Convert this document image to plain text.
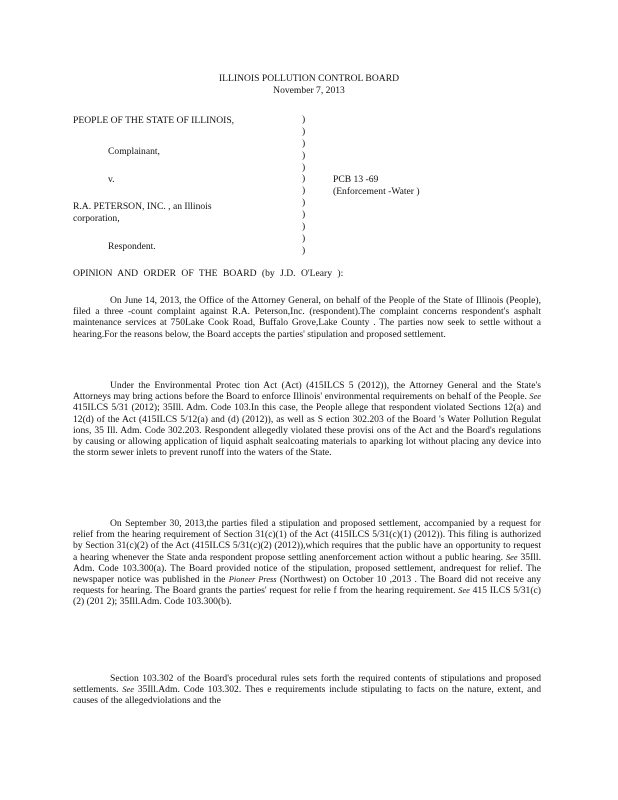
ILLINOIS POLLUTION CONTROL BOARD
November 7, 2013
PEOPLE OF THE STATE OF ILLINOIS,
Complainant,
v.
R.A. PETERSON, INC. , an Illinois
corporation,
Respondent.
)
)
)
)
)
)
)
)
)
)
)
)
PCB 13 -69
(Enforcement -Water )
OPINION AND ORDER OF THE BOARD (by J.D. O'Leary ):
On June 14, 2013, the Office of the Attorney General, on behalf of the People of the State of Illinois (People), filed a three -count complaint against R.A. Peterson,Inc. (respondent).The complaint concerns respondent's asphalt maintenance services at 750Lake Cook Road, Buffalo Grove,Lake County . The parties now seek to settle without a hearing.For the reasons below, the Board accepts the parties' stipulation and proposed settlement.
Under the Environmental Protec tion Act (Act) (415ILCS 5 (2012)), the Attorney General and the State's Attorneys may bring actions before the Board to enforce Illinois' environmental requirements on behalf of the People. See 415ILCS 5/31 (2012); 35Ill. Adm. Code 103.In this case, the People allege that respondent violated Sections 12(a) and 12(d) of the Act (415ILCS 5/12(a) and (d) (2012)), as well as S ection 302.203 of the Board 's Water Pollution Regulat ions, 35 Ill. Adm. Code 302.203. Respondent allegedly violated these provisi ons of the Act and the Board's regulations by causing or allowing application of liquid asphalt sealcoating materials to aparking lot without placing any device into the storm sewer inlets to prevent runoff into the waters of the State.
On September 30, 2013,the parties filed a stipulation and proposed settlement, accompanied by a request for relief from the hearing requirement of Section 31(c)(1) of the Act (415ILCS 5/31(c)(1) (2012)). This filing is authorized by Section 31(c)(2) of the Act (415ILCS 5/31(c)(2) (2012)),which requires that the public have an opportunity to request a hearing whenever the State anda respondent propose settling anenforcement action without a public hearing. See 35Ill. Adm. Code 103.300(a). The Board provided notice of the stipulation, proposed settlement, andrequest for relief. The newspaper notice was published in the Pioneer Press (Northwest) on October 10 ,2013 . The Board did not receive any requests for hearing. The Board grants the parties' request for relie f from the hearing requirement. See 415 ILCS 5/31(c)(2) (201 2); 35Ill.Adm. Code 103.300(b).
Section 103.302 of the Board's procedural rules sets forth the required contents of stipulations and proposed settlements. See 35Ill.Adm. Code 103.302. Thes e requirements include stipulating to facts on the nature, extent, and causes of the allegedviolations and the
